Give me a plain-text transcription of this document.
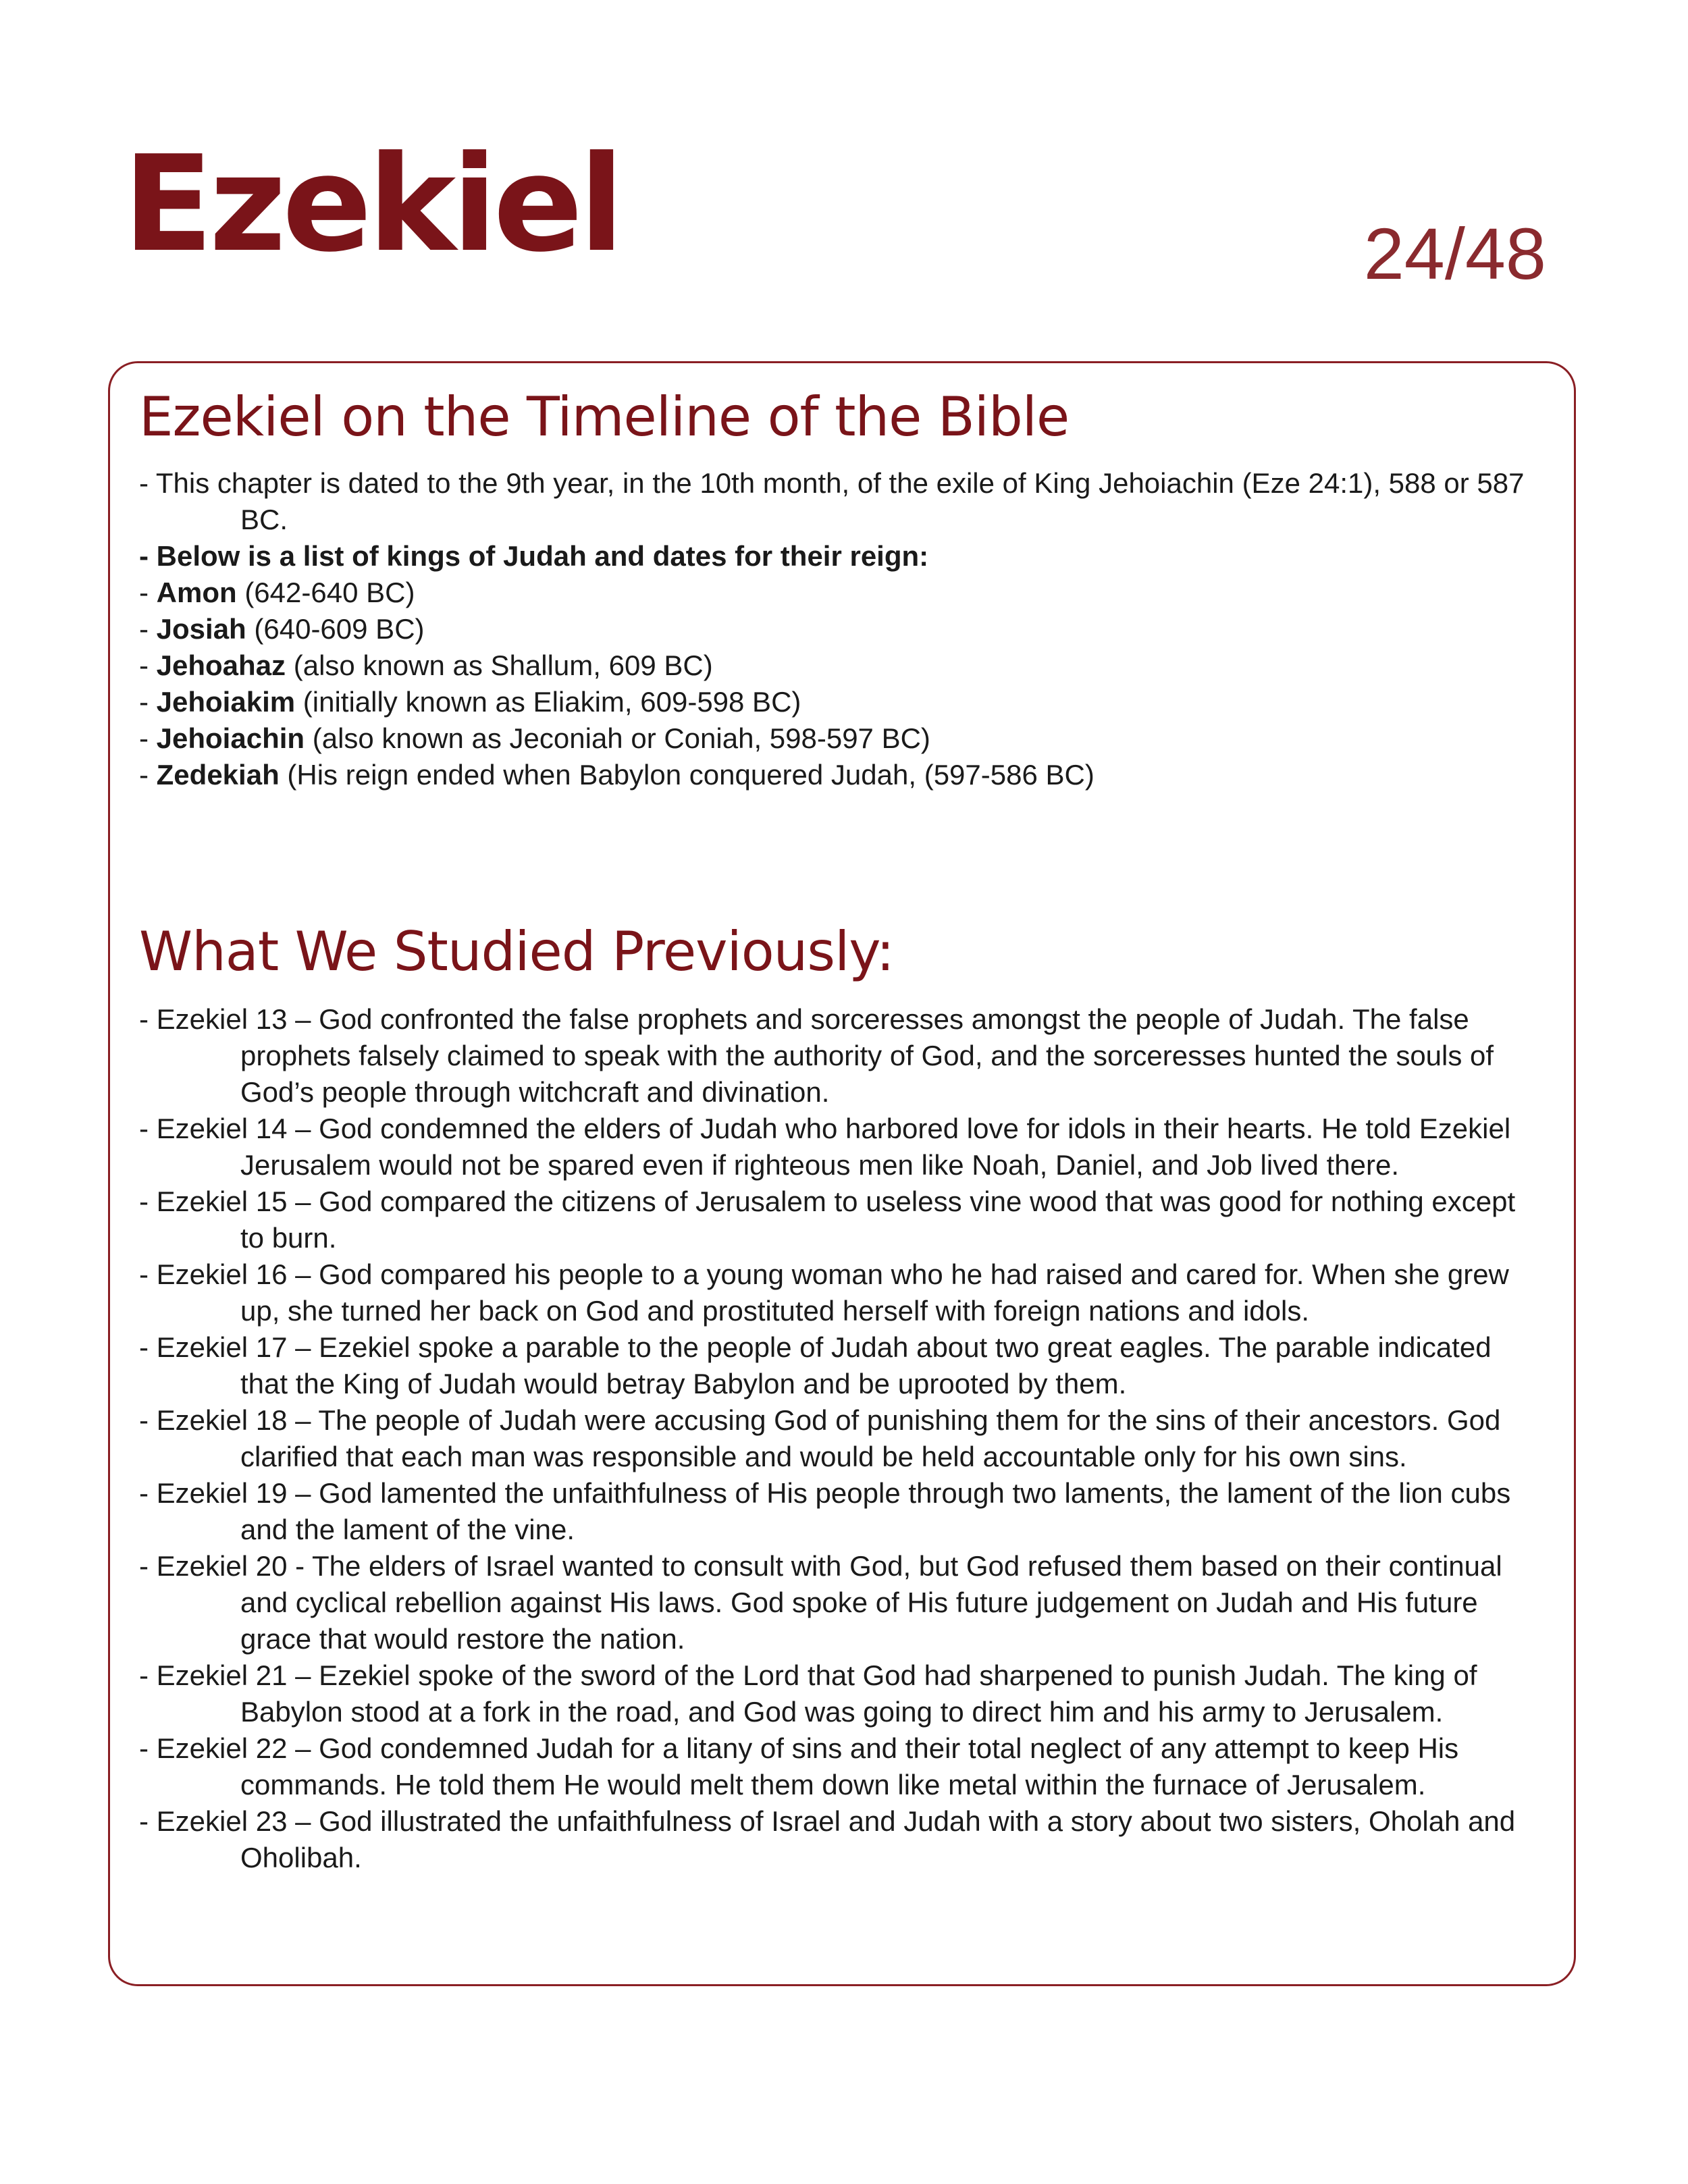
Ezekiel	24/48
Ezekiel on the Timeline of the Bible
- This chapter is dated to the 9th year, in the 10th month, of the exile of King Jehoiachin (Eze 24:1), 588 or 587 BC.
- Below is a list of kings of Judah and dates for their reign:
- Amon (642-640 BC)
- Josiah (640-609 BC)
- Jehoahaz (also known as Shallum, 609 BC)
- Jehoiakim (initially known as Eliakim, 609-598 BC)
- Jehoiachin (also known as Jeconiah or Coniah, 598-597 BC)
- Zedekiah (His reign ended when Babylon conquered Judah, (597-586 BC)
What We Studied Previously:
- Ezekiel 13 – God confronted the false prophets and sorceresses amongst the people of Judah. The false prophets falsely claimed to speak with the authority of God, and the sorceresses hunted the souls of God’s people through witchcraft and divination.
- Ezekiel 14 – God condemned the elders of Judah who harbored love for idols in their hearts. He told Ezekiel Jerusalem would not be spared even if righteous men like Noah, Daniel, and Job lived there.
- Ezekiel 15 – God compared the citizens of Jerusalem to useless vine wood that was good for nothing except to burn.
- Ezekiel 16 – God compared his people to a young woman who he had raised and cared for. When she grew up, she turned her back on God and prostituted herself with foreign nations and idols.
- Ezekiel 17 – Ezekiel spoke a parable to the people of Judah about two great eagles. The parable indicated that the King of Judah would betray Babylon and be uprooted by them.
- Ezekiel 18 – The people of Judah were accusing God of punishing them for the sins of their ancestors. God clarified that each man was responsible and would be held accountable only for his own sins.
- Ezekiel 19 – God lamented the unfaithfulness of His people through two laments, the lament of the lion cubs and the lament of the vine.
- Ezekiel 20 - The elders of Israel wanted to consult with God, but God refused them based on their continual and cyclical rebellion against His laws. God spoke of His future judgement on Judah and His future grace that would restore the nation.
- Ezekiel 21 – Ezekiel spoke of the sword of the Lord that God had sharpened to punish Judah. The king of Babylon stood at a fork in the road, and God was going to direct him and his army to Jerusalem.
- Ezekiel 22 – God condemned Judah for a litany of sins and their total neglect of any attempt to keep His commands. He told them He would melt them down like metal within the furnace of Jerusalem.
- Ezekiel 23 – God illustrated the unfaithfulness of Israel and Judah with a story about two sisters, Oholah and Oholibah.
